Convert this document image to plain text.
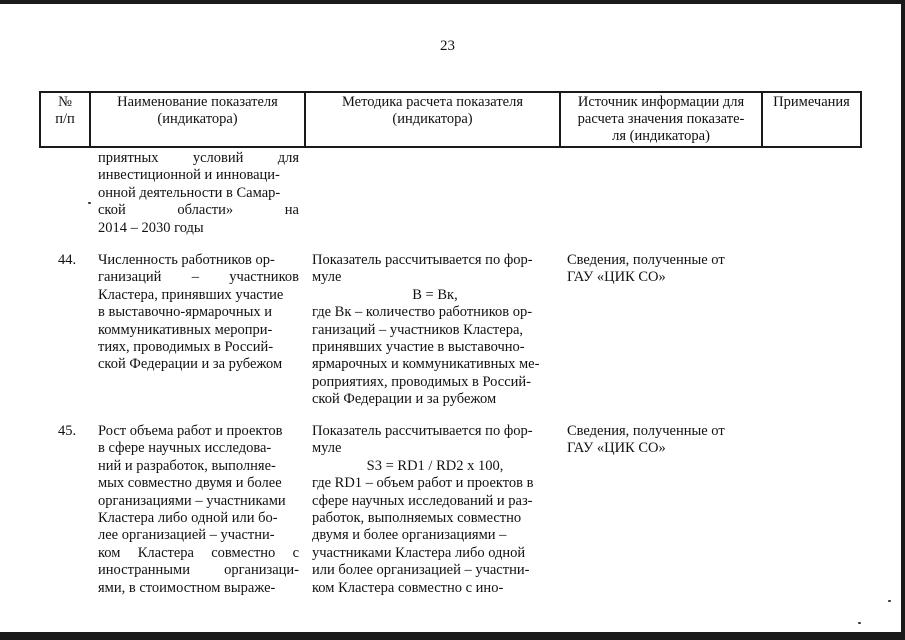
23
№
п/п
Наименование показателя
(индикатора)
Методика расчета показателя
(индикатора)
Источник информации для
расчета значения показате-
ля (индикатора)
Примечания
приятных условий для
инвестиционной и инноваци-
онной деятельности в Самар-
ской	области»	на
2014 – 2030 годы
44. Численность работников ор-
ганизаций – участников
Кластера, принявших участие
в выставочно-ярмарочных и
коммуникативных меропри-
тиях, проводимых в Россий-
ской Федерации и за рубежом
Показатель рассчитывается по фор-
муле
B = Bк,
где Bк – количество работников ор-
ганизаций – участников Кластера,
принявших участие в выставочно-
ярмарочных и коммуникативных ме-
роприятиях, проводимых в Россий-
ской Федерации и за рубежом
Сведения, полученные от
ГАУ «ЦИК СО»
45. Рост объема работ и проектов
в сфере научных исследова-
ний и разработок, выполняе-
мых совместно двумя и более
организациями – участниками
Кластера либо одной или бо-
лее организацией – участни-
ком Кластера совместно с
иностранными организаци-
ями, в стоимостном выраже-
Показатель рассчитывается по фор-
муле
S3 = RD1 / RD2 x 100,
где RD1 – объем работ и проектов в
сфере научных исследований и раз-
работок, выполняемых совместно
двумя и более организациями –
участниками Кластера либо одной
или более организацией – участни-
ком Кластера совместно с ино-
Сведения, полученные от
ГАУ «ЦИК СО»
